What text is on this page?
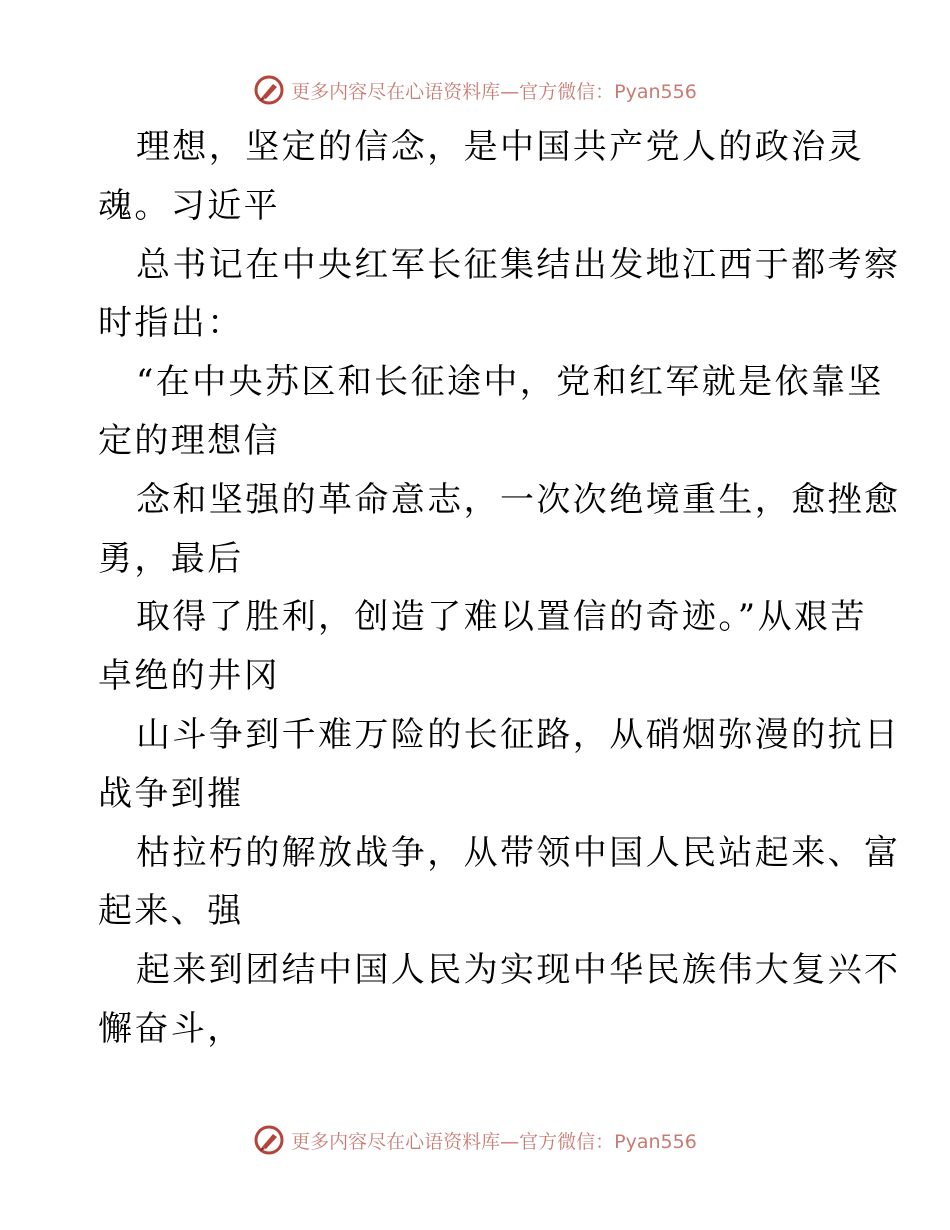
更多内容尽在心语资料库—官方微信：Pyan556
理想，坚定的信念，是中国共产党人的政治灵
魂。习近平
总书记在中央红军长征集结出发地江西于都考察
时指出：
“在中央苏区和长征途中，党和红军就是依靠坚
定的理想信
念和坚强的革命意志，一次次绝境重生，愈挫愈
勇，最后
取得了胜利，创造了难以置信的奇迹。”从艰苦
卓绝的井冈
山斗争到千难万险的长征路，从硝烟弥漫的抗日
战争到摧
枯拉朽的解放战争，从带领中国人民站起来、富
起来、强
起来到团结中国人民为实现中华民族伟大复兴不
懈奋斗，
更多内容尽在心语资料库—官方微信：Pyan556
